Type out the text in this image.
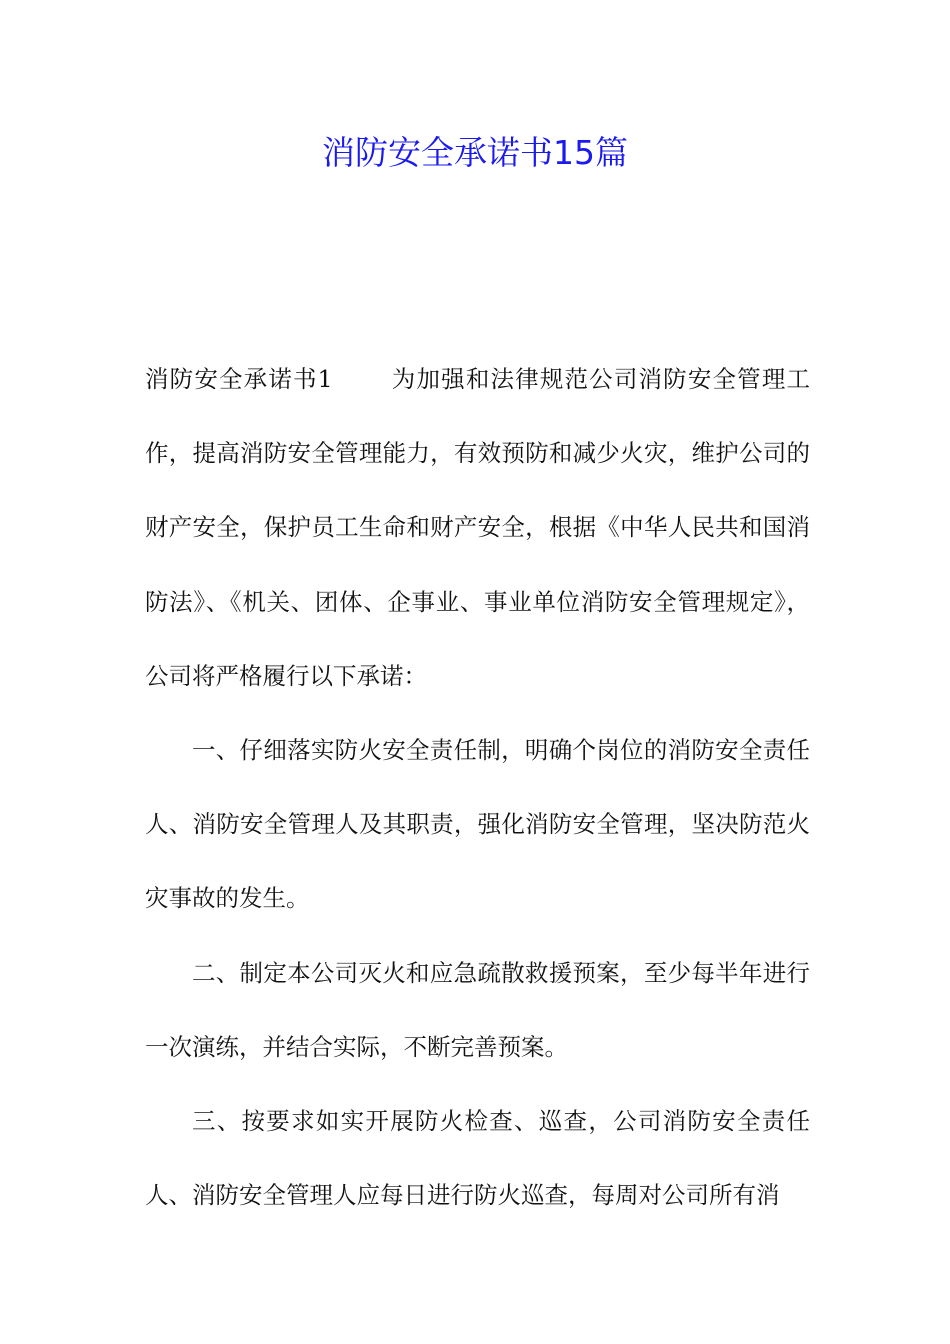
消防安全承诺书15篇

消防安全承诺书1 为加强和法律规范公司消防安全管理工作，提高消防安全管理能力，有效预防和减少火灾，维护公司的财产安全，保护员工生命和财产安全，根据《中华人民共和国消防法》、《机关、团体、企事业、事业单位消防安全管理规定》，公司将严格履行以下承诺：

一、仔细落实防火安全责任制，明确个岗位的消防安全责任人、消防安全管理人及其职责，强化消防安全管理，坚决防范火灾事故的发生。

二、制定本公司灭火和应急疏散救援预案，至少每半年进行一次演练，并结合实际，不断完善预案。

三、按要求如实开展防火检查、巡查，公司消防安全责任人、消防安全管理人应每日进行防火巡查，每周对公司所有消
